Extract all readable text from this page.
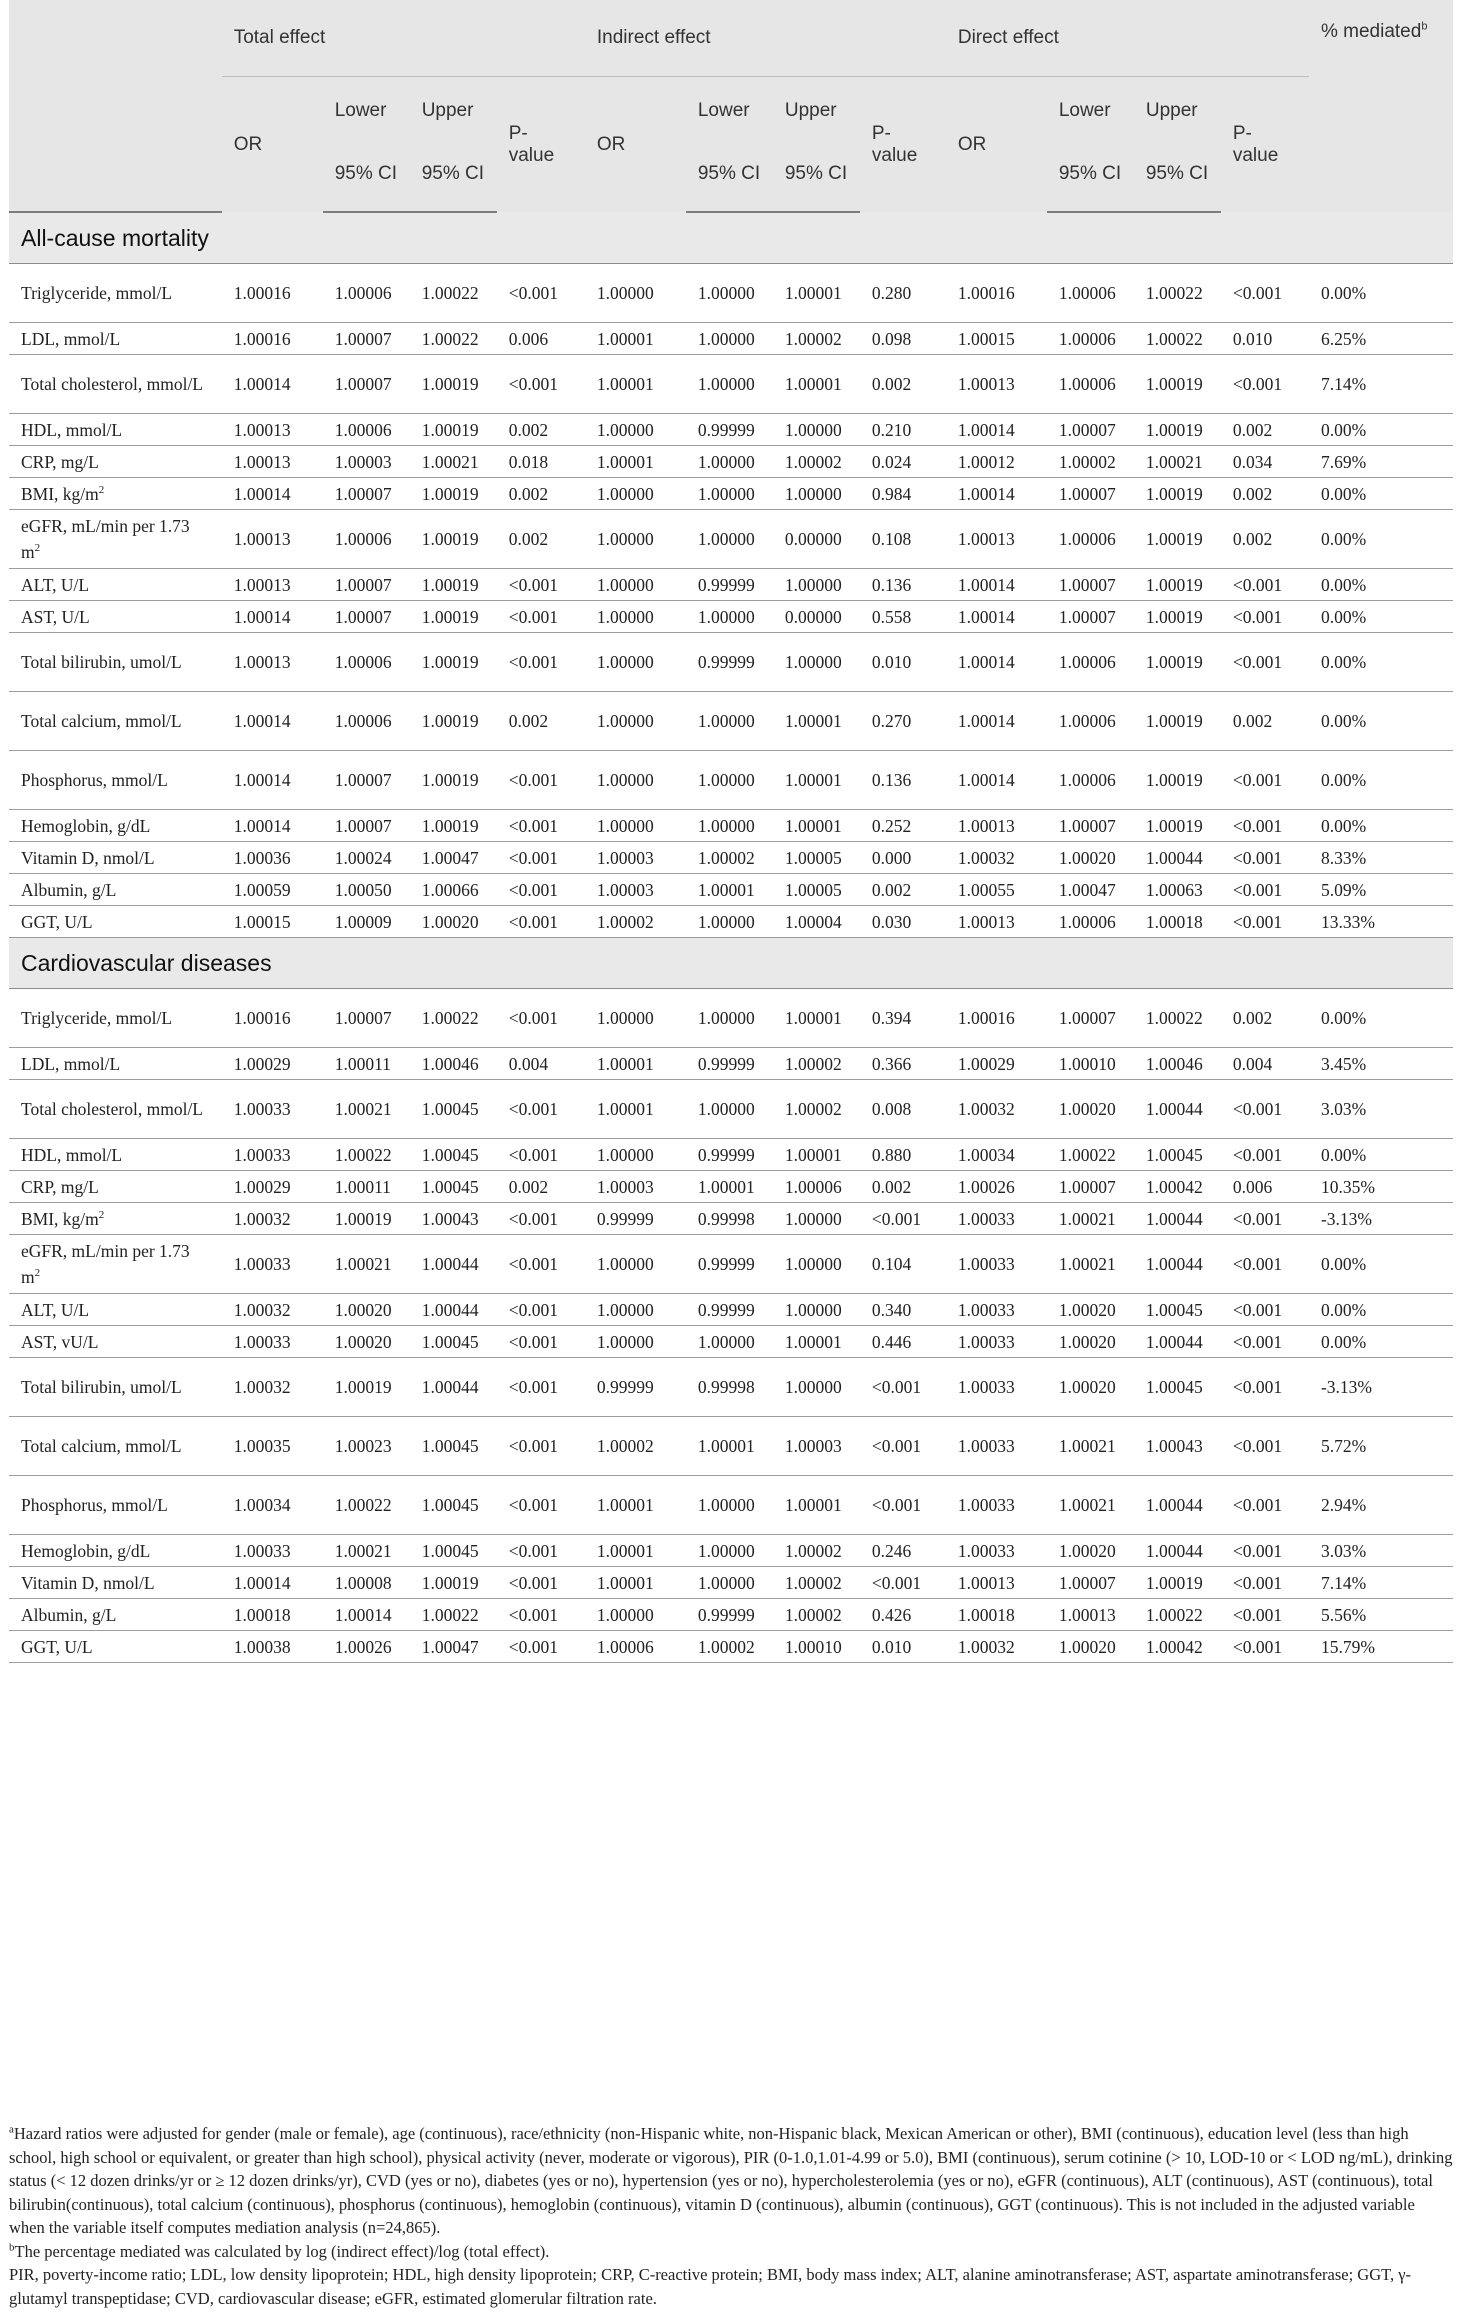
	Total effect				Indirect effect				Direct effect				% mediated$^b$
	OR	Lower	Upper	P-value	OR	Lower	Upper	P-value	OR	Lower	Upper	P-value	
		95% CI	95% CI			95% CI	95% CI			95% CI	95% CI		
All-cause mortality													
Triglyceride, mmol/L	1.00016	1.00006	1.00022	<0.001	1.00000	1.00000	1.00001	0.280	1.00016	1.00006	1.00022	<0.001	0.00%
LDL, mmol/L	1.00016	1.00007	1.00022	0.006	1.00001	1.00000	1.00002	0.098	1.00015	1.00006	1.00022	0.010	6.25%
Total cholesterol, mmol/L	1.00014	1.00007	1.00019	<0.001	1.00001	1.00000	1.00001	0.002	1.00013	1.00006	1.00019	<0.001	7.14%
HDL, mmol/L	1.00013	1.00006	1.00019	0.002	1.00000	0.99999	1.00000	0.210	1.00014	1.00007	1.00019	0.002	0.00%
CRP, mg/L	1.00013	1.00003	1.00021	0.018	1.00001	1.00000	1.00002	0.024	1.00012	1.00002	1.00021	0.034	7.69%
BMI, $kg/m^2$	1.00014	1.00007	1.00019	0.002	1.00000	1.00000	1.00000	0.984	1.00014	1.00007	1.00019	0.002	0.00%
eGFR, mL/min per 1.73 $m^2$	1.00013	1.00006	1.00019	0.002	1.00000	1.00000	0.00000	0.108	1.00013	1.00006	1.00019	0.002	0.00%
ALT, U/L	1.00013	1.00007	1.00019	<0.001	1.00000	0.99999	1.00000	0.136	1.00014	1.00007	1.00019	<0.001	0.00%
AST, U/L	1.00014	1.00007	1.00019	<0.001	1.00000	1.00000	0.00000	0.558	1.00014	1.00007	1.00019	<0.001	0.00%
Total bilirubin, umol/L	1.00013	1.00006	1.00019	<0.001	1.00000	0.99999	1.00000	0.010	1.00014	1.00006	1.00019	<0.001	0.00%
Total calcium, mmol/L	1.00014	1.00006	1.00019	0.002	1.00000	1.00000	1.00001	0.270	1.00014	1.00006	1.00019	0.002	0.00%
Phosphorus, mmol/L	1.00014	1.00007	1.00019	<0.001	1.00000	1.00000	1.00001	0.136	1.00014	1.00006	1.00019	<0.001	0.00%
Hemoglobin, g/dL	1.00014	1.00007	1.00019	<0.001	1.00000	1.00000	1.00001	0.252	1.00013	1.00007	1.00019	<0.001	0.00%
Vitamin D, nmol/L	1.00036	1.00024	1.00047	<0.001	1.00003	1.00002	1.00005	0.000	1.00032	1.00020	1.00044	<0.001	8.33%
Albumin, g/L	1.00059	1.00050	1.00066	<0.001	1.00003	1.00001	1.00005	0.002	1.00055	1.00047	1.00063	<0.001	5.09%
GGT, U/L	1.00015	1.00009	1.00020	<0.001	1.00002	1.00000	1.00004	0.030	1.00013	1.00006	1.00018	<0.001	13.33%
Cardiovascular diseases													
Triglyceride, mmol/L	1.00016	1.00007	1.00022	<0.001	1.00000	1.00000	1.00001	0.394	1.00016	1.00007	1.00022	0.002	0.00%
LDL, mmol/L	1.00029	1.00011	1.00046	0.004	1.00001	0.99999	1.00002	0.366	1.00029	1.00010	1.00046	0.004	3.45%
Total cholesterol, mmol/L	1.00033	1.00021	1.00045	<0.001	1.00001	1.00000	1.00002	0.008	1.00032	1.00020	1.00044	<0.001	3.03%
HDL, mmol/L	1.00033	1.00022	1.00045	<0.001	1.00000	0.99999	1.00001	0.880	1.00034	1.00022	1.00045	<0.001	0.00%
CRP, mg/L	1.00029	1.00011	1.00045	0.002	1.00003	1.00001	1.00006	0.002	1.00026	1.00007	1.00042	0.006	10.35%
BMI, $kg/m^2$	1.00032	1.00019	1.00043	<0.001	0.99999	0.99998	1.00000	<0.001	1.00033	1.00021	1.00044	<0.001	-3.13%
eGFR, mL/min per 1.73 $m^2$	1.00033	1.00021	1.00044	<0.001	1.00000	0.99999	1.00000	0.104	1.00033	1.00021	1.00044	<0.001	0.00%
ALT, U/L	1.00032	1.00020	1.00044	<0.001	1.00000	0.99999	1.00000	0.340	1.00033	1.00020	1.00045	<0.001	0.00%
AST, vU/L	1.00033	1.00020	1.00045	<0.001	1.00000	1.00000	1.00001	0.446	1.00033	1.00020	1.00044	<0.001	0.00%
Total bilirubin, umol/L	1.00032	1.00019	1.00044	<0.001	0.99999	0.99998	1.00000	<0.001	1.00033	1.00020	1.00045	<0.001	-3.13%
Total calcium, mmol/L	1.00035	1.00023	1.00045	<0.001	1.00002	1.00001	1.00003	<0.001	1.00033	1.00021	1.00043	<0.001	5.72%
Phosphorus, mmol/L	1.00034	1.00022	1.00045	<0.001	1.00001	1.00000	1.00001	<0.001	1.00033	1.00021	1.00044	<0.001	2.94%
Hemoglobin, g/dL	1.00033	1.00021	1.00045	<0.001	1.00001	1.00000	1.00002	0.246	1.00033	1.00020	1.00044	<0.001	3.03%
Vitamin D, nmol/L	1.00014	1.00008	1.00019	<0.001	1.00001	1.00000	1.00002	<0.001	1.00013	1.00007	1.00019	<0.001	7.14%
Albumin, g/L	1.00018	1.00014	1.00022	<0.001	1.00000	0.99999	1.00002	0.426	1.00018	1.00013	1.00022	<0.001	5.56%
GGT, U/L	1.00038	1.00026	1.00047	<0.001	1.00006	1.00002	1.00010	0.010	1.00032	1.00020	1.00042	<0.001	15.79%

$^a$Hazard ratios were adjusted for gender (male or female), age (continuous), race/ethnicity (non-Hispanic white, non-Hispanic black, Mexican American or other), BMI (continuous), education level (less than high school, high school or equivalent, or greater than high school), physical activity (never, moderate or vigorous), PIR (0-1.0,1.01-4.99 or 5.0), BMI (continuous), serum cotinine (> 10, LOD-10 or < LOD ng/mL), drinking status (< 12 dozen drinks/yr or ≥ 12 dozen drinks/yr), CVD (yes or no), diabetes (yes or no), hypertension (yes or no), hypercholesterolemia (yes or no), eGFR (continuous), ALT (continuous), AST (continuous), total bilirubin(continuous), total calcium (continuous), phosphorus (continuous), hemoglobin (continuous), vitamin D (continuous), albumin (continuous), GGT (continuous). This is not included in the adjusted variable when the variable itself computes mediation analysis (n=24,865).

$^b$The percentage mediated was calculated by log (indirect effect)/log (total effect).

PIR, poverty-income ratio; LDL, low density lipoprotein; HDL, high density lipoprotein; CRP, C-reactive protein; BMI, body mass index; ALT, alanine aminotransferase; AST, aspartate aminotransferase; GGT, γ-glutamyl transpeptidase; CVD, cardiovascular disease; eGFR, estimated glomerular filtration rate.
